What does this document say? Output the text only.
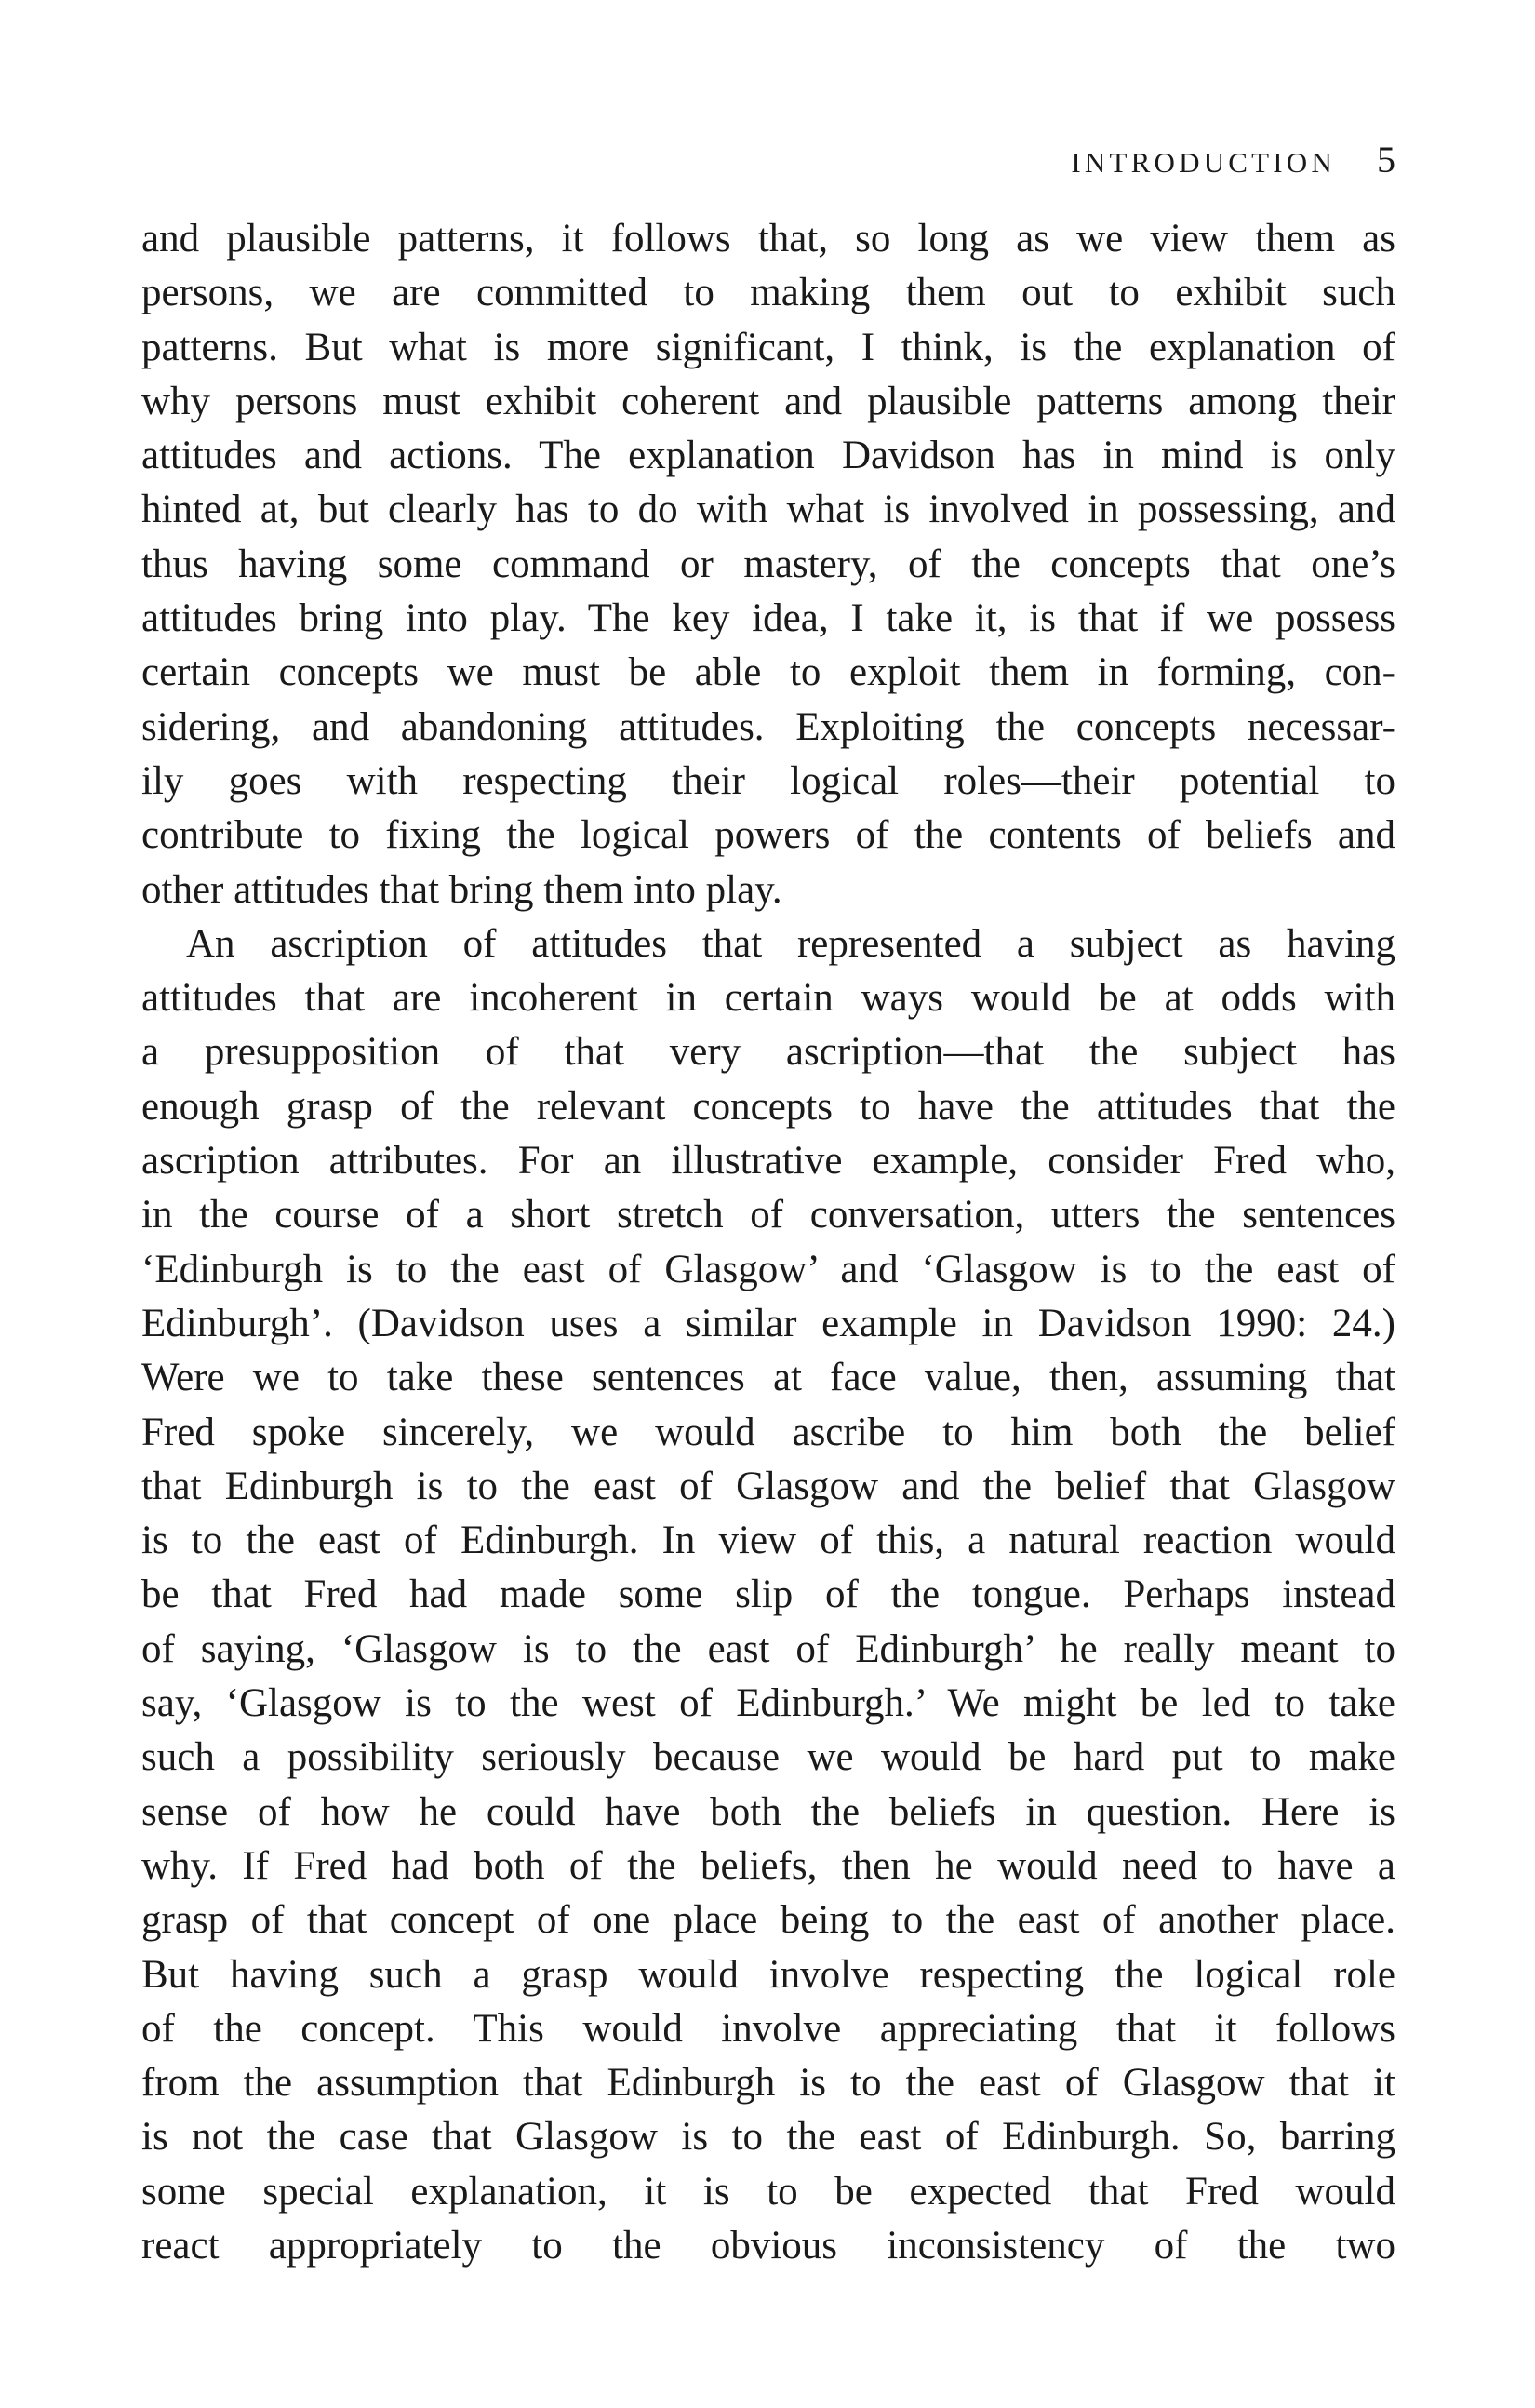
INTRODUCTION 5
and plausible patterns, it follows that, so long as we view them as
persons, we are committed to making them out to exhibit such
patterns. But what is more significant, I think, is the explanation of
why persons must exhibit coherent and plausible patterns among their
attitudes and actions. The explanation Davidson has in mind is only
hinted at, but clearly has to do with what is involved in possessing, and
thus having some command or mastery, of the concepts that one’s
attitudes bring into play. The key idea, I take it, is that if we possess
certain concepts we must be able to exploit them in forming, con-
sidering, and abandoning attitudes. Exploiting the concepts necessar-
ily goes with respecting their logical roles—their potential to
contribute to fixing the logical powers of the contents of beliefs and
other attitudes that bring them into play.
An ascription of attitudes that represented a subject as having
attitudes that are incoherent in certain ways would be at odds with
a presupposition of that very ascription—that the subject has
enough grasp of the relevant concepts to have the attitudes that the
ascription attributes. For an illustrative example, consider Fred who,
in the course of a short stretch of conversation, utters the sentences
‘Edinburgh is to the east of Glasgow’ and ‘Glasgow is to the east of
Edinburgh’. (Davidson uses a similar example in Davidson 1990: 24.)
Were we to take these sentences at face value, then, assuming that
Fred spoke sincerely, we would ascribe to him both the belief
that Edinburgh is to the east of Glasgow and the belief that Glasgow
is to the east of Edinburgh. In view of this, a natural reaction would
be that Fred had made some slip of the tongue. Perhaps instead
of saying, ‘Glasgow is to the east of Edinburgh’ he really meant to
say, ‘Glasgow is to the west of Edinburgh.’ We might be led to take
such a possibility seriously because we would be hard put to make
sense of how he could have both the beliefs in question. Here is
why. If Fred had both of the beliefs, then he would need to have a
grasp of that concept of one place being to the east of another place.
But having such a grasp would involve respecting the logical role
of the concept. This would involve appreciating that it follows
from the assumption that Edinburgh is to the east of Glasgow that it
is not the case that Glasgow is to the east of Edinburgh. So, barring
some special explanation, it is to be expected that Fred would
react appropriately to the obvious inconsistency of the two
